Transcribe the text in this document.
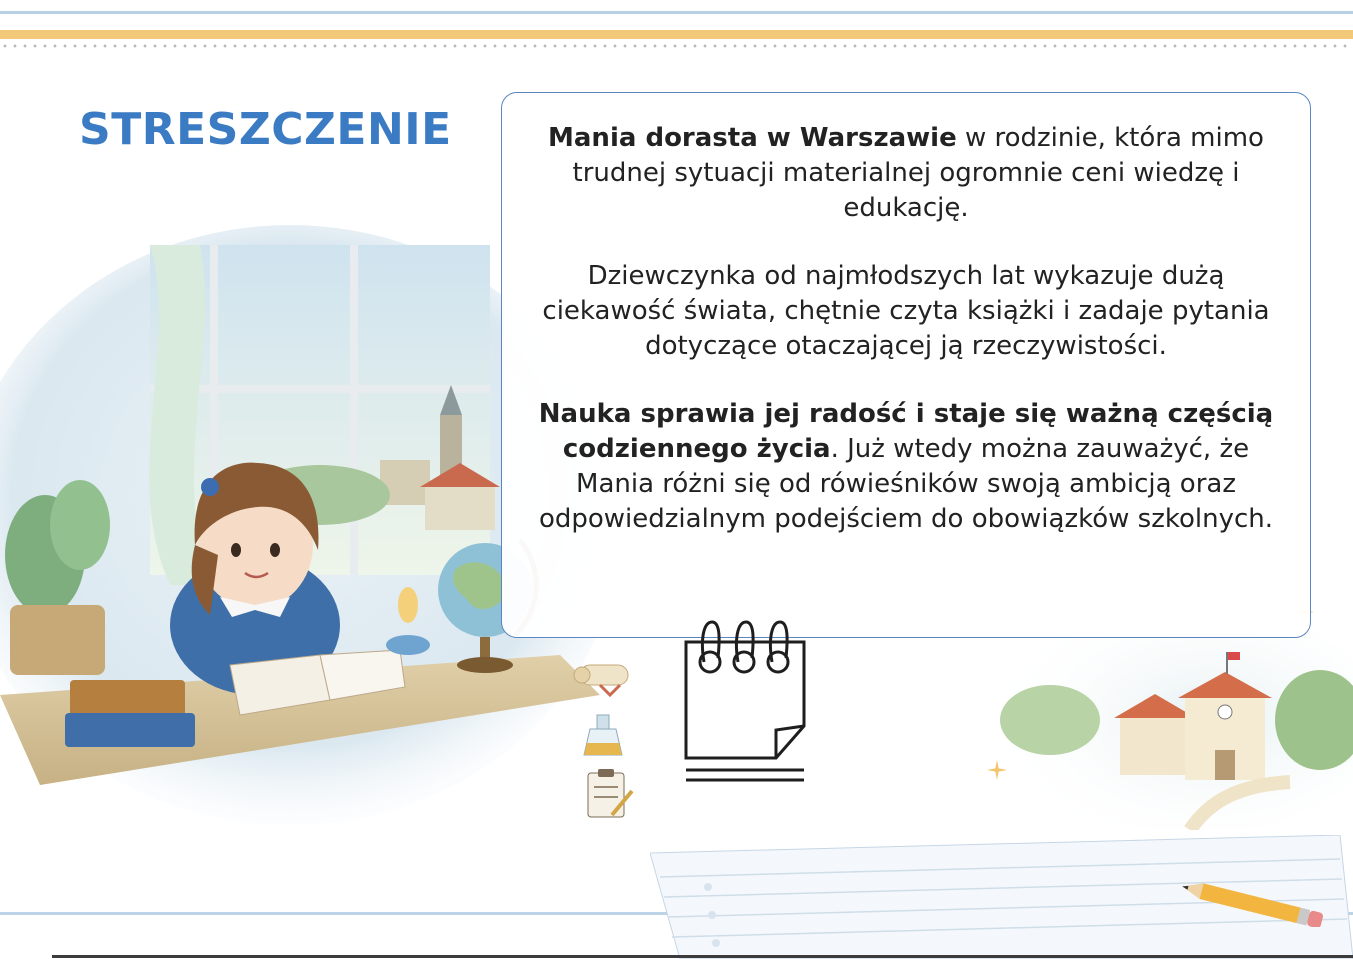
STRESZCZENIE	Mania dorasta w Warszawie w rodzinie, która mimo trudnej sytuacji materialnej ogromnie ceni wiedzę i edukację.

Dziewczynka od najmłodszych lat wykazuje dużą ciekawość świata, chętnie czyta książki i zadaje pytania dotyczące otaczającej ją rzeczywistości.

Nauka sprawia jej radość i staje się ważną częścią codziennego życia. Już wtedy można zauważyć, że Mania różni się od rówieśników swoją ambicją oraz odpowiedzialnym podejściem do obowiązków szkolnych.
